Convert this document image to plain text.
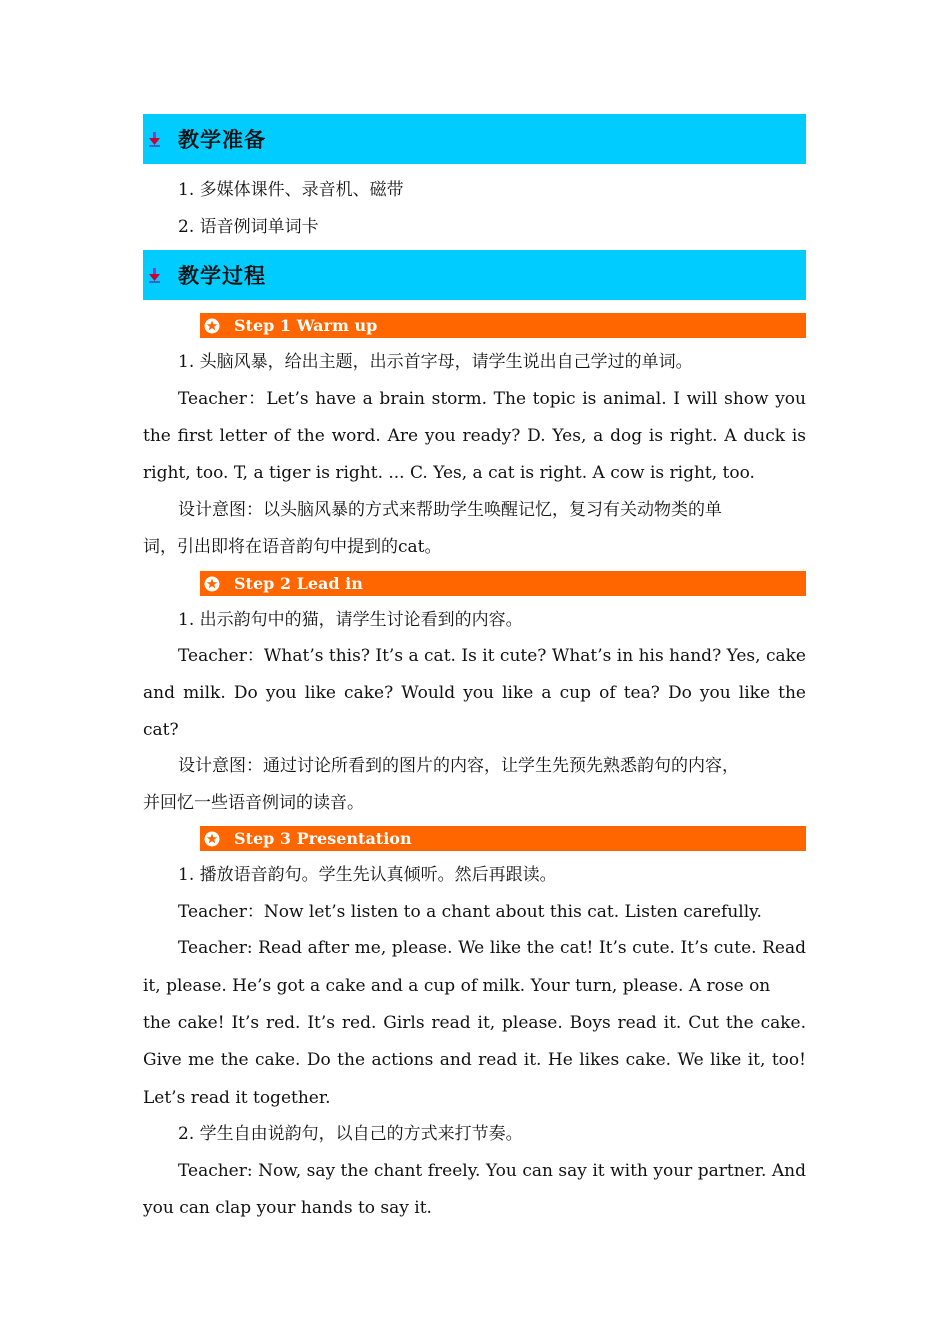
教学准备
1. 多媒体课件、录音机、磁带
2. 语音例词单词卡
教学过程
Step 1 Warm up
1. 头脑风暴，给出主题，出示首字母，请学生说出自己学过的单词。
Teacher：Let’s have a brain storm. The topic is animal. I will show you
the first letter of the word. Are you ready? D. Yes, a dog is right. A duck is
right, too. T, a tiger is right. ... C. Yes, a cat is right. A cow is right, too.
设计意图：以头脑风暴的方式来帮助学生唤醒记忆，复习有关动物类的单
词，引出即将在语音韵句中提到的cat。
Step 2 Lead in
1. 出示韵句中的猫，请学生讨论看到的内容。
Teacher：What’s this? It’s a cat. Is it cute? What’s in his hand? Yes, cake
and milk. Do you like cake? Would you like a cup of tea? Do you like the
cat?
设计意图：通过讨论所看到的图片的内容，让学生先预先熟悉韵句的内容，
并回忆一些语音例词的读音。
Step 3 Presentation
1. 播放语音韵句。学生先认真倾听。然后再跟读。
Teacher：Now let’s listen to a chant about this cat. Listen carefully.
Teacher: Read after me, please. We like the cat! It’s cute. It’s cute. Read
it, please. He’s got a cake and a cup of milk. Your turn, please. A rose on
the cake! It’s red. It’s red. Girls read it, please. Boys read it. Cut the cake.
Give me the cake. Do the actions and read it. He likes cake. We like it, too!
Let’s read it together.
2. 学生自由说韵句，以自己的方式来打节奏。
Teacher: Now, say the chant freely. You can say it with your partner. And
you can clap your hands to say it.
